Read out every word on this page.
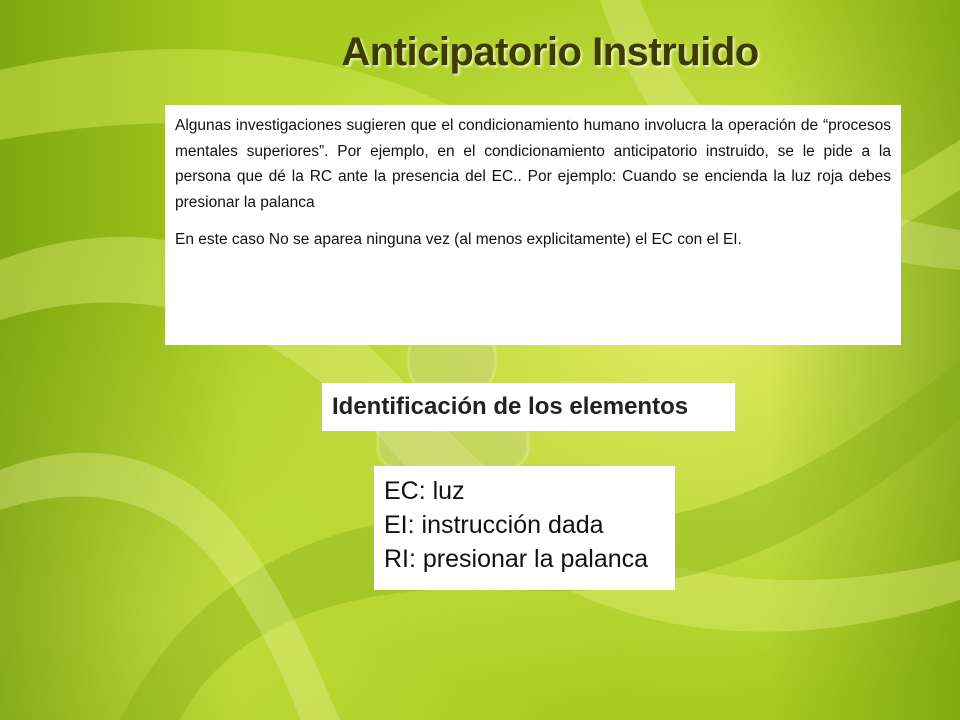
Anticipatorio Instruido

Algunas investigaciones sugieren que el condicionamiento humano involucra la operación de “procesos mentales superiores”. Por ejemplo, en el condicionamiento anticipatorio instruido, se le pide a la persona que dé la RC ante la presencia del EC.. Por ejemplo: Cuando se encienda la luz roja debes presionar la palanca

En este caso No se aparea ninguna vez (al menos explicitamente) el EC con el EI.

Identificación de los elementos
EC: luz
EI: instrucción dada
RI: presionar la palanca
